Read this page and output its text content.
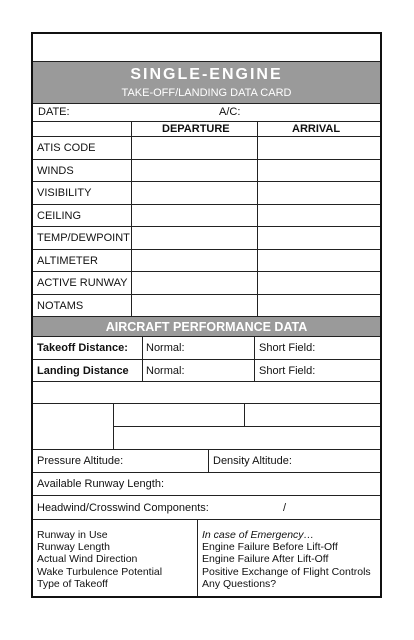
SINGLE-ENGINE
TAKE-OFF/LANDING DATA CARD
DATE:	A/C:
DEPARTURE	ARRIVAL
ATIS CODE
WINDS
VISIBILITY
CEILING
TEMP/DEWPOINT
ALTIMETER
ACTIVE RUNWAY
NOTAMS
AIRCRAFT PERFORMANCE DATA
Takeoff Distance: Normal:	Short Field:
Landing Distance Normal:	Short Field:
Pressure Altitude:	Density Altitude:
Available Runway Length:
Headwind/Crosswind Components:	/
Runway in Use
Runway Length
Actual Wind Direction
Wake Turbulence Potential
Type of Takeoff
In case of Emergency…
Engine Failure Before Lift-Off
Engine Failure After Lift-Off
Positive Exchange of Flight Controls
Any Questions?
